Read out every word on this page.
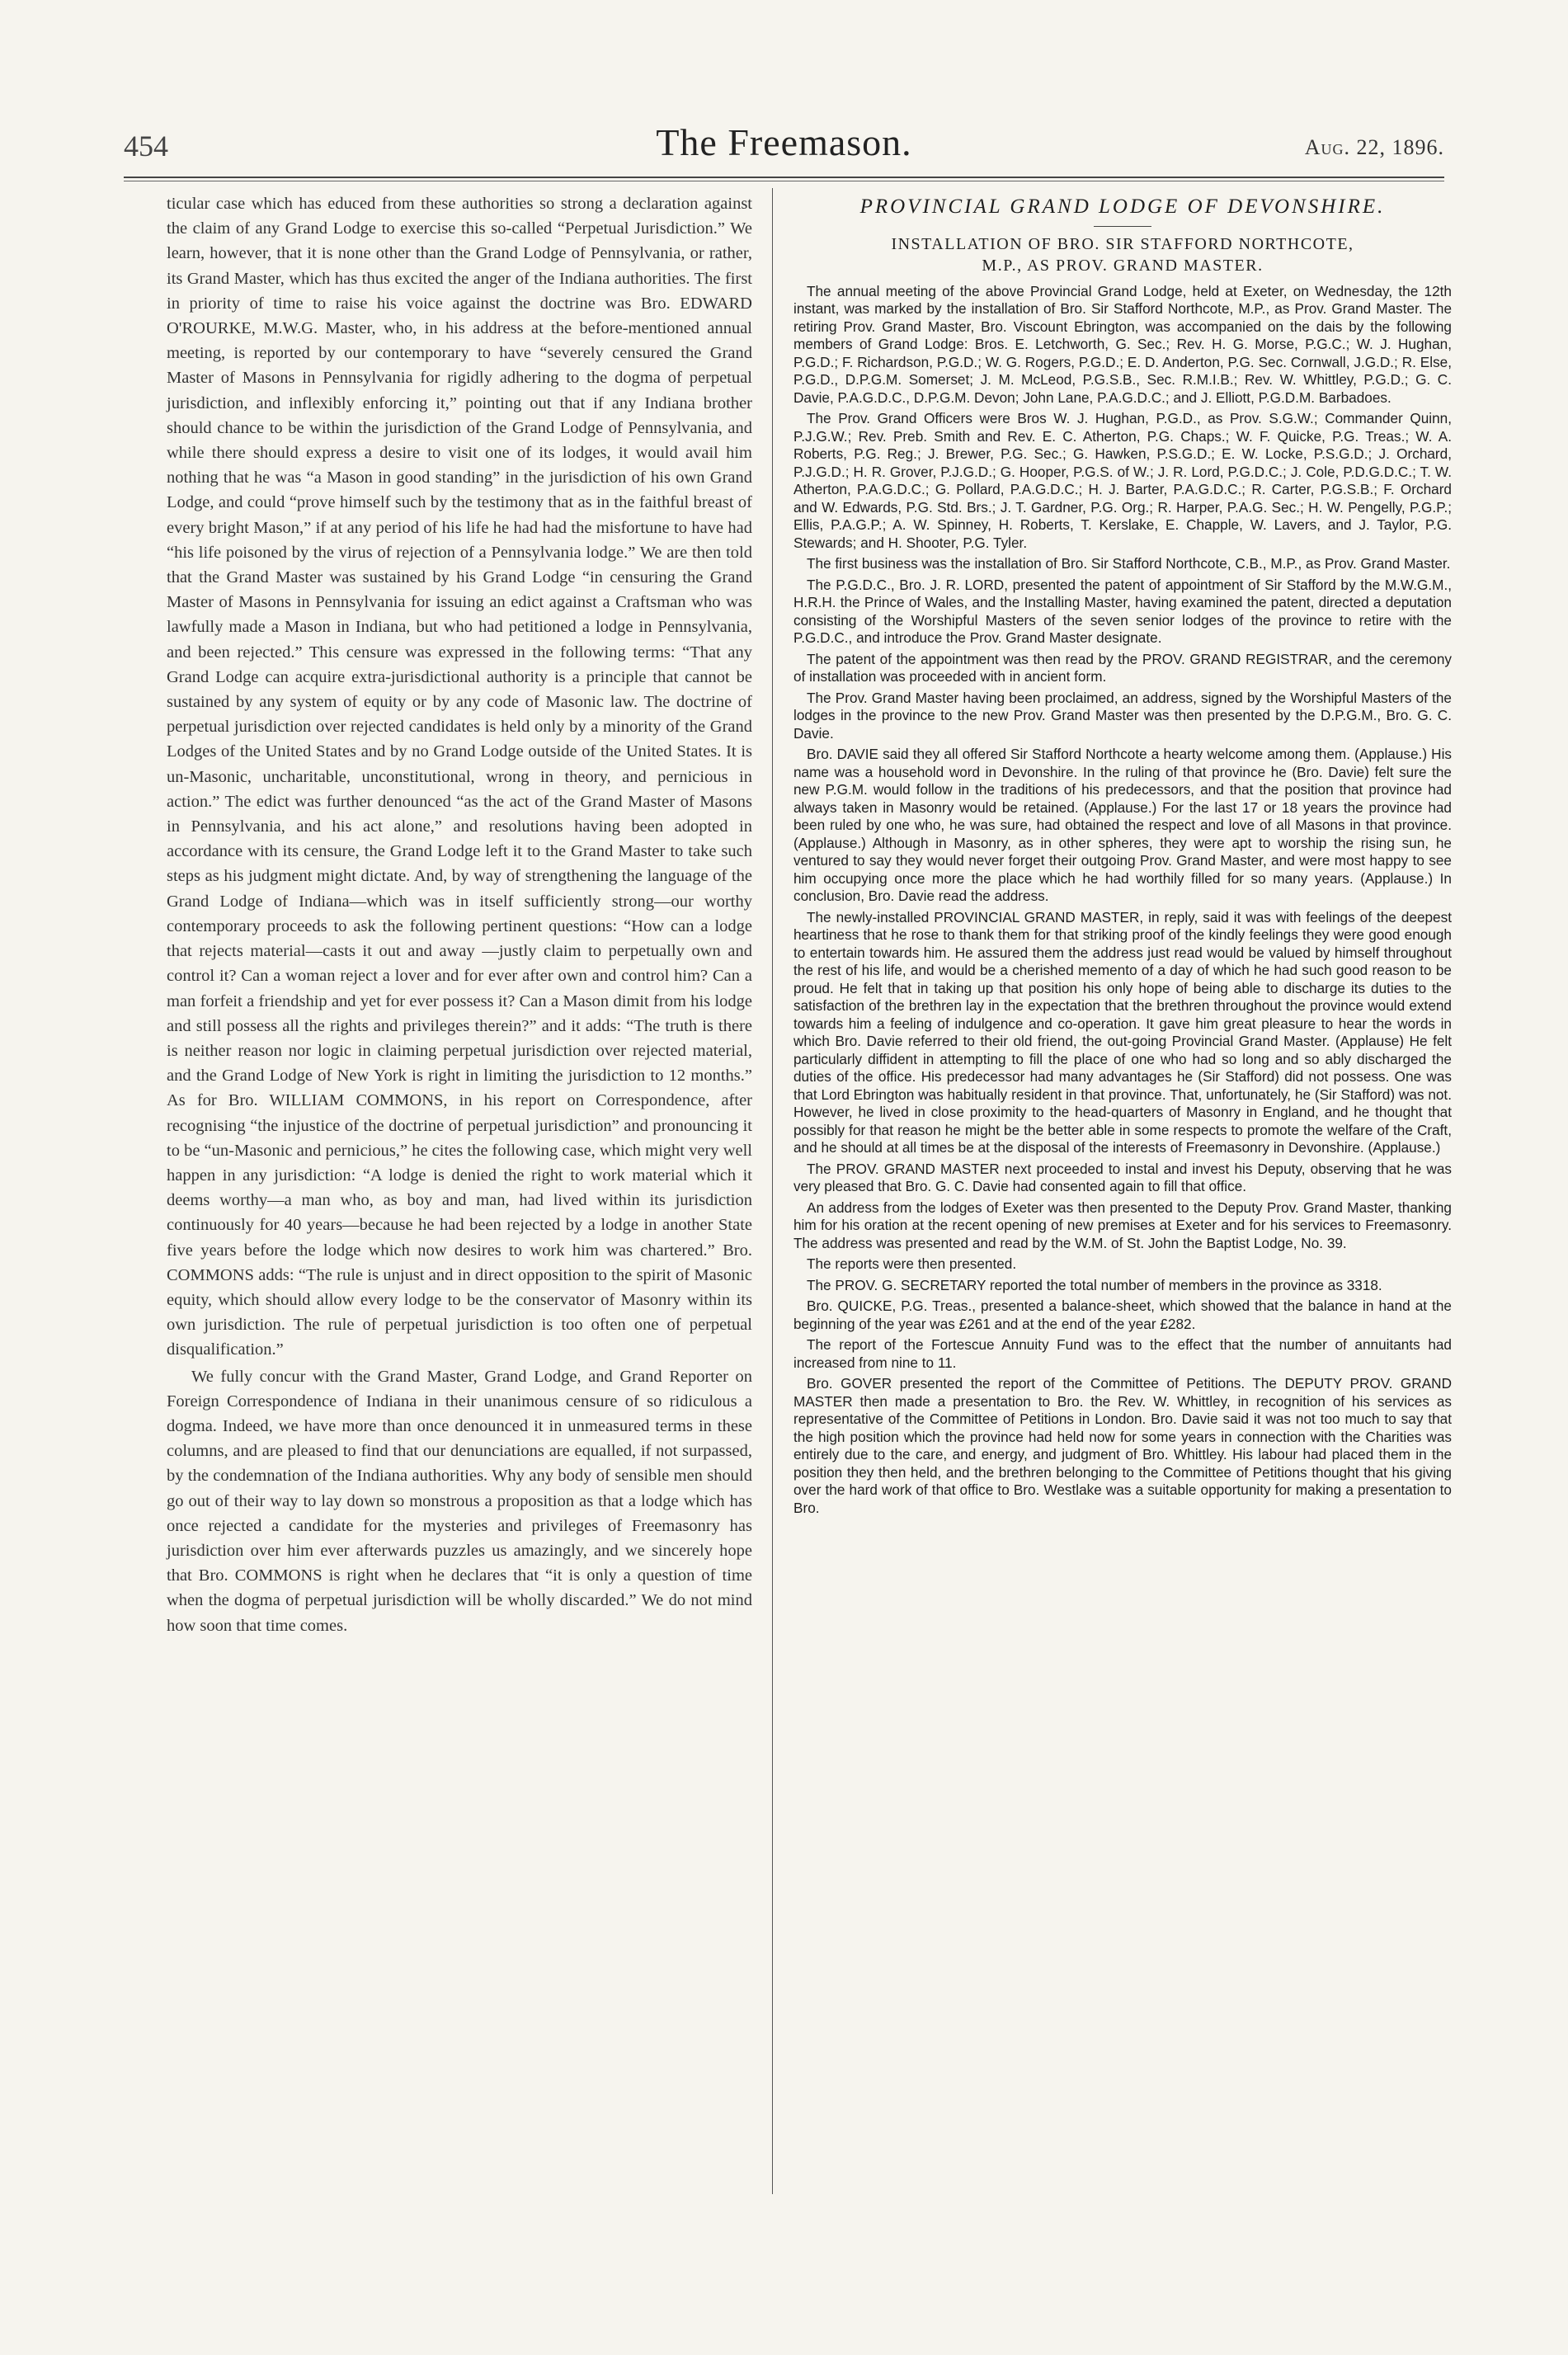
454	The Freemason.	Aug. 22, 1896.

ticular case which has educed from these authorities so strong a declaration against the claim of any Grand Lodge to exercise this so-called “Perpetual Jurisdiction.” We learn, however, that it is none other than the Grand Lodge of Pennsylvania, or rather, its Grand Master, which has thus excited the anger of the Indiana authorities. The first in priority of time to raise his voice against the doctrine was Bro. EDWARD O'ROURKE, M.W.G. Master, who, in his address at the before-mentioned annual meeting, is reported by our contemporary to have “severely censured the Grand Master of Masons in Pennsylvania for rigidly adhering to the dogma of perpetual jurisdiction, and inflexibly enforcing it,” pointing out that if any Indiana brother should chance to be within the jurisdiction of the Grand Lodge of Pennsylvania, and while there should express a desire to visit one of its lodges, it would avail him nothing that he was “a Mason in good standing” in the jurisdiction of his own Grand Lodge, and could “prove himself such by the testimony that as in the faithful breast of every bright Mason,” if at any period of his life he had had the misfortune to have had “his life poisoned by the virus of rejection of a Pennsylvania lodge.” We are then told that the Grand Master was sustained by his Grand Lodge “in censuring the Grand Master of Masons in Pennsylvania for issuing an edict against a Craftsman who was lawfully made a Mason in Indiana, but who had petitioned a lodge in Pennsylvania, and been rejected.” This censure was expressed in the following terms: “That any Grand Lodge can acquire extra-jurisdictional authority is a principle that cannot be sustained by any system of equity or by any code of Masonic law. The doctrine of perpetual jurisdiction over rejected candidates is held only by a minority of the Grand Lodges of the United States and by no Grand Lodge outside of the United States. It is un-Masonic, uncharitable, unconstitutional, wrong in theory, and pernicious in action.” The edict was further denounced “as the act of the Grand Master of Masons in Pennsylvania, and his act alone,” and resolutions having been adopted in accordance with its censure, the Grand Lodge left it to the Grand Master to take such steps as his judgment might dictate. And, by way of strengthening the language of the Grand Lodge of Indiana—which was in itself sufficiently strong—our worthy contemporary proceeds to ask the following pertinent questions: “How can a lodge that rejects material—casts it out and away —justly claim to perpetually own and control it? Can a woman reject a lover and for ever after own and control him? Can a man forfeit a friendship and yet for ever possess it? Can a Mason dimit from his lodge and still possess all the rights and privileges therein?” and it adds: “The truth is there is neither reason nor logic in claiming perpetual jurisdiction over rejected material, and the Grand Lodge of New York is right in limiting the jurisdiction to 12 months.” As for Bro. WILLIAM COMMONS, in his report on Correspondence, after recognising “the injustice of the doctrine of perpetual jurisdiction” and pronouncing it to be “un-Masonic and pernicious,” he cites the following case, which might very well happen in any jurisdiction: “A lodge is denied the right to work material which it deems worthy—a man who, as boy and man, had lived within its jurisdiction continuously for 40 years—because he had been rejected by a lodge in another State five years before the lodge which now desires to work him was chartered.” Bro. COMMONS adds: “The rule is unjust and in direct opposition to the spirit of Masonic equity, which should allow every lodge to be the conservator of Masonry within its own jurisdiction. The rule of perpetual jurisdiction is too often one of perpetual disqualification.”

We fully concur with the Grand Master, Grand Lodge, and Grand Reporter on Foreign Correspondence of Indiana in their unanimous censure of so ridiculous a dogma. Indeed, we have more than once denounced it in unmeasured terms in these columns, and are pleased to find that our denunciations are equalled, if not surpassed, by the condemnation of the Indiana authorities. Why any body of sensible men should go out of their way to lay down so monstrous a proposition as that a lodge which has once rejected a candidate for the mysteries and privileges of Freemasonry has jurisdiction over him ever afterwards puzzles us amazingly, and we sincerely hope that Bro. COMMONS is right when he declares that “it is only a question of time when the dogma of perpetual jurisdiction will be wholly discarded.” We do not mind how soon that time comes.

PROVINCIAL GRAND LODGE OF DEVONSHIRE.
INSTALLATION OF BRO. SIR STAFFORD NORTHCOTE,
M.P., AS PROV. GRAND MASTER.

The annual meeting of the above Provincial Grand Lodge, held at Exeter, on Wednesday, the 12th instant, was marked by the installation of Bro. Sir Stafford Northcote, M.P., as Prov. Grand Master. The retiring Prov. Grand Master, Bro. Viscount Ebrington, was accompanied on the dais by the following members of Grand Lodge: Bros. E. Letchworth, G. Sec.; Rev. H. G. Morse, P.G.C.; W. J. Hughan, P.G.D.; F. Richardson, P.G.D.; W. G. Rogers, P.G.D.; E. D. Anderton, P.G. Sec. Cornwall, J.G.D.; R. Else, P.G.D., D.P.G.M. Somerset; J. M. McLeod, P.G.S.B., Sec. R.M.I.B.; Rev. W. Whittley, P.G.D.; G. C. Davie, P.A.G.D.C., D.P.G.M. Devon; John Lane, P.A.G.D.C.; and J. Elliott, P.G.D.M. Barbadoes.

The Prov. Grand Officers were Bros W. J. Hughan, P.G.D., as Prov. S.G.W.; Commander Quinn, P.J.G.W.; Rev. Preb. Smith and Rev. E. C. Atherton, P.G. Chaps.; W. F. Quicke, P.G. Treas.; W. A. Roberts, P.G. Reg.; J. Brewer, P.G. Sec.; G. Hawken, P.S.G.D.; E. W. Locke, P.S.G.D.; J. Orchard, P.J.G.D.; H. R. Grover, P.J.G.D.; G. Hooper, P.G.S. of W.; J. R. Lord, P.G.D.C.; J. Cole, P.D.G.D.C.; T. W. Atherton, P.A.G.D.C.; G. Pollard, P.A.G.D.C.; H. J. Barter, P.A.G.D.C.; R. Carter, P.G.S.B.; F. Orchard and W. Edwards, P.G. Std. Brs.; J. T. Gardner, P.G. Org.; R. Harper, P.A.G. Sec.; H. W. Pengelly, P.G.P.; Ellis, P.A.G.P.; A. W. Spinney, H. Roberts, T. Kerslake, E. Chapple, W. Lavers, and J. Taylor, P.G. Stewards; and H. Shooter, P.G. Tyler.

The first business was the installation of Bro. Sir Stafford Northcote, C.B., M.P., as Prov. Grand Master.

The P.G.D.C., Bro. J. R. LORD, presented the patent of appointment of Sir Stafford by the M.W.G.M., H.R.H. the Prince of Wales, and the Installing Master, having examined the patent, directed a deputation consisting of the Worshipful Masters of the seven senior lodges of the province to retire with the P.G.D.C., and introduce the Prov. Grand Master designate.

The patent of the appointment was then read by the PROV. GRAND REGISTRAR, and the ceremony of installation was proceeded with in ancient form.

The Prov. Grand Master having been proclaimed, an address, signed by the Worshipful Masters of the lodges in the province to the new Prov. Grand Master was then presented by the D.P.G.M., Bro. G. C. Davie.

Bro. DAVIE said they all offered Sir Stafford Northcote a hearty welcome among them. (Applause.) His name was a household word in Devonshire. In the ruling of that province he (Bro. Davie) felt sure the new P.G.M. would follow in the traditions of his predecessors, and that the position that province had always taken in Masonry would be retained. (Applause.) For the last 17 or 18 years the province had been ruled by one who, he was sure, had obtained the respect and love of all Masons in that province. (Applause.) Although in Masonry, as in other spheres, they were apt to worship the rising sun, he ventured to say they would never forget their outgoing Prov. Grand Master, and were most happy to see him occupying once more the place which he had worthily filled for so many years. (Applause.) In conclusion, Bro. Davie read the address.

The newly-installed PROVINCIAL GRAND MASTER, in reply, said it was with feelings of the deepest heartiness that he rose to thank them for that striking proof of the kindly feelings they were good enough to entertain towards him. He assured them the address just read would be valued by himself throughout the rest of his life, and would be a cherished memento of a day of which he had such good reason to be proud. He felt that in taking up that position his only hope of being able to discharge its duties to the satisfaction of the brethren lay in the expectation that the brethren throughout the province would extend towards him a feeling of indulgence and co-operation. It gave him great pleasure to hear the words in which Bro. Davie referred to their old friend, the out-going Provincial Grand Master. (Applause) He felt particularly diffident in attempting to fill the place of one who had so long and so ably discharged the duties of the office. His predecessor had many advantages he (Sir Stafford) did not possess. One was that Lord Ebrington was habitually resident in that province. That, unfortunately, he (Sir Stafford) was not. However, he lived in close proximity to the head-quarters of Masonry in England, and he thought that possibly for that reason he might be the better able in some respects to promote the welfare of the Craft, and he should at all times be at the disposal of the interests of Freemasonry in Devonshire. (Applause.)

The PROV. GRAND MASTER next proceeded to instal and invest his Deputy, observing that he was very pleased that Bro. G. C. Davie had consented again to fill that office.

An address from the lodges of Exeter was then presented to the Deputy Prov. Grand Master, thanking him for his oration at the recent opening of new premises at Exeter and for his services to Freemasonry. The address was presented and read by the W.M. of St. John the Baptist Lodge, No. 39.

The reports were then presented.

The PROV. G. SECRETARY reported the total number of members in the province as 3318.

Bro. QUICKE, P.G. Treas., presented a balance-sheet, which showed that the balance in hand at the beginning of the year was £261 and at the end of the year £282.

The report of the Fortescue Annuity Fund was to the effect that the number of annuitants had increased from nine to 11.

Bro. GOVER presented the report of the Committee of Petitions. The DEPUTY PROV. GRAND MASTER then made a presentation to Bro. the Rev. W. Whittley, in recognition of his services as representative of the Committee of Petitions in London. Bro. Davie said it was not too much to say that the high position which the province had held now for some years in connection with the Charities was entirely due to the care, and energy, and judgment of Bro. Whittley. His labour had placed them in the position they then held, and the brethren belonging to the Committee of Petitions thought that his giving over the hard work of that office to Bro. Westlake was a suitable opportunity for making a presentation to Bro.
